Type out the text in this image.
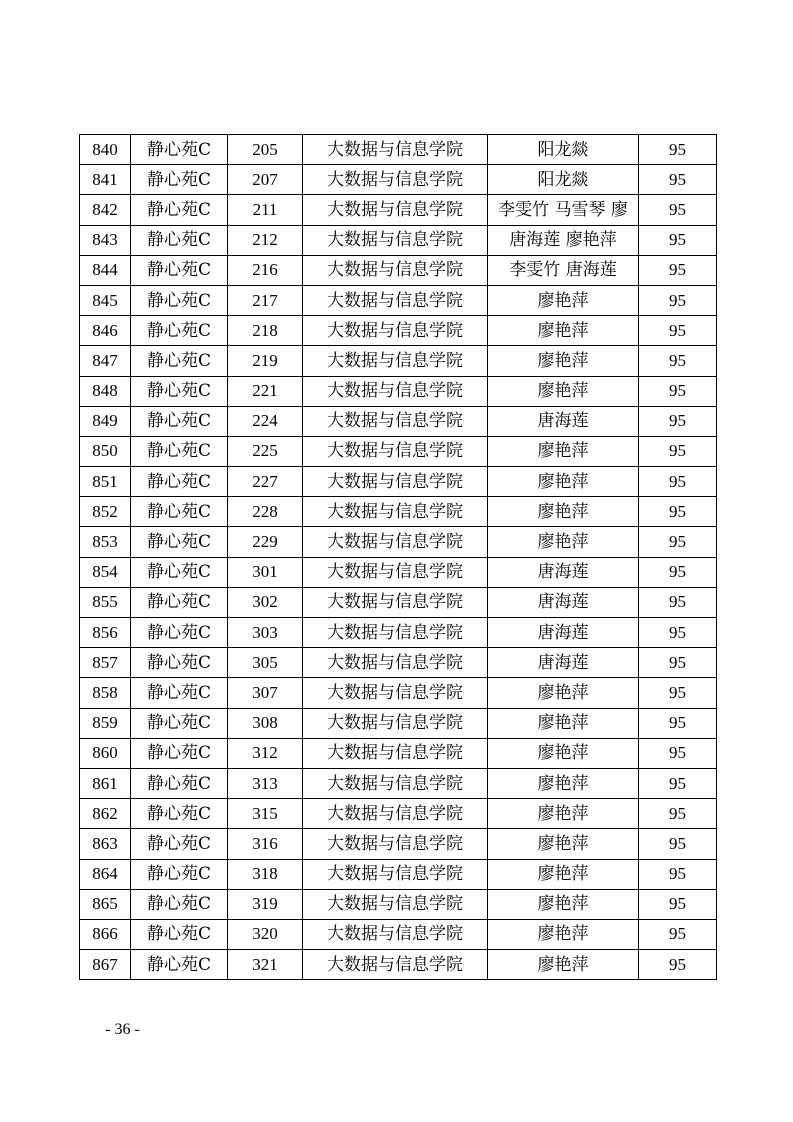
840	静心苑C	205	大数据与信息学院	阳龙燚	95
841	静心苑C	207	大数据与信息学院	阳龙燚	95
842	静心苑C	211	大数据与信息学院	李雯竹 马雪琴 廖	95
843	静心苑C	212	大数据与信息学院	唐海莲 廖艳萍	95
844	静心苑C	216	大数据与信息学院	李雯竹 唐海莲	95
845	静心苑C	217	大数据与信息学院	廖艳萍	95
846	静心苑C	218	大数据与信息学院	廖艳萍	95
847	静心苑C	219	大数据与信息学院	廖艳萍	95
848	静心苑C	221	大数据与信息学院	廖艳萍	95
849	静心苑C	224	大数据与信息学院	唐海莲	95
850	静心苑C	225	大数据与信息学院	廖艳萍	95
851	静心苑C	227	大数据与信息学院	廖艳萍	95
852	静心苑C	228	大数据与信息学院	廖艳萍	95
853	静心苑C	229	大数据与信息学院	廖艳萍	95
854	静心苑C	301	大数据与信息学院	唐海莲	95
855	静心苑C	302	大数据与信息学院	唐海莲	95
856	静心苑C	303	大数据与信息学院	唐海莲	95
857	静心苑C	305	大数据与信息学院	唐海莲	95
858	静心苑C	307	大数据与信息学院	廖艳萍	95
859	静心苑C	308	大数据与信息学院	廖艳萍	95
860	静心苑C	312	大数据与信息学院	廖艳萍	95
861	静心苑C	313	大数据与信息学院	廖艳萍	95
862	静心苑C	315	大数据与信息学院	廖艳萍	95
863	静心苑C	316	大数据与信息学院	廖艳萍	95
864	静心苑C	318	大数据与信息学院	廖艳萍	95
865	静心苑C	319	大数据与信息学院	廖艳萍	95
866	静心苑C	320	大数据与信息学院	廖艳萍	95
867	静心苑C	321	大数据与信息学院	廖艳萍	95
- 36 -
